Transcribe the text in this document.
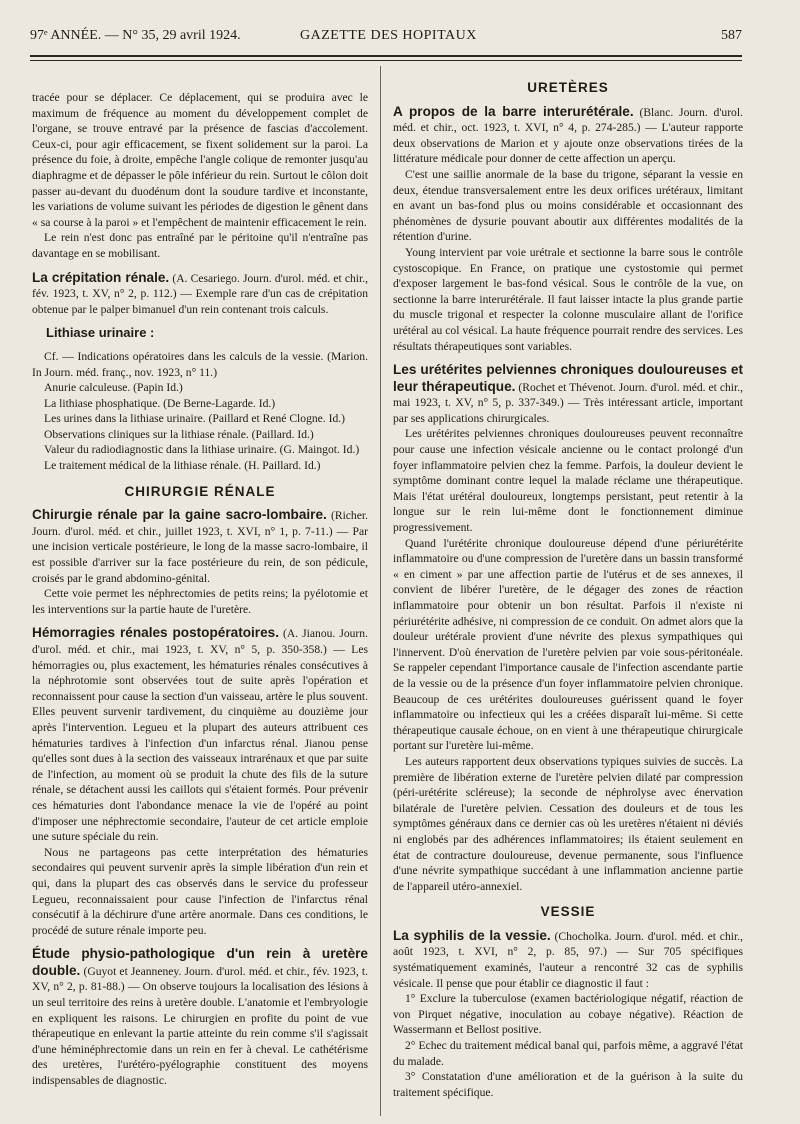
97ᵉ ANNÉE. — N° 35, 29 avril 1924.	GAZETTE DES HOPITAUX	587

tracée pour se déplacer. Ce déplacement, qui se produira avec le maximum de fréquence au moment du développement complet de l'organe, se trouve entravé par la présence de fascias d'accolement. Ceux-ci, pour agir efficacement, se fixent solidement sur la paroi. La présence du foie, à droite, empêche l'angle colique de remonter jusqu'au diaphragme et de dépasser le pôle inférieur du rein. Surtout le côlon doit passer au-devant du duodénum dont la soudure tardive et inconstante, les variations de volume suivant les périodes de digestion le gênent dans « sa course à la paroi » et l'empêchent de maintenir efficacement le rein.

Le rein n'est donc pas entraîné par le péritoine qu'il n'entraîne pas davantage en se mobilisant.

La crépitation rénale. (A. Cesariego. Journ. d'urol. méd. et chir., fév. 1923, t. XV, n° 2, p. 112.) — Exemple rare d'un cas de crépitation obtenue par le palper bimanuel d'un rein contenant trois calculs.
Lithiase urinaire :

Cf. — Indications opératoires dans les calculs de la vessie. (Marion. In Journ. méd. franç., nov. 1923, n° 11.)

Anurie calculeuse. (Papin Id.)

La lithiase phosphatique. (De Berne-Lagarde. Id.)

Les urines dans la lithiase urinaire. (Paillard et René Clogne. Id.)

Observations cliniques sur la lithiase rénale. (Paillard. Id.)

Valeur du radiodiagnostic dans la lithiase urinaire. (G. Maingot. Id.)

Le traitement médical de la lithiase rénale. (H. Paillard. Id.)

CHIRURGIE RÉNALE
Chirurgie rénale par la gaine sacro-lombaire. (Richer. Journ. d'urol. méd. et chir., juillet 1923, t. XVI, n° 1, p. 7-11.) — Par une incision verticale postérieure, le long de la masse sacro-lombaire, il est possible d'arriver sur la face postérieure du rein, de son pédicule, croisés par le grand abdomino-génital.

Cette voie permet les néphrectomies de petits reins; la pyélotomie et les interventions sur la partie haute de l'uretère.

Hémorragies rénales postopératoires. (A. Jianou. Journ. d'urol. méd. et chir., mai 1923, t. XV, n° 5, p. 350-358.) — Les hémorragies ou, plus exactement, les hématuries rénales consécutives à la néphrotomie sont observées tout de suite après l'opération et reconnaissent pour cause la section d'un vaisseau, artère le plus souvent. Elles peuvent survenir tardivement, du cinquième au douzième jour après l'intervention. Legueu et la plupart des auteurs attribuent ces hématuries tardives à l'infection d'un infarctus rénal. Jianou pense qu'elles sont dues à la section des vaisseaux intrarénaux et que par suite de l'infection, au moment où se produit la chute des fils de la suture rénale, se détachent aussi les caillots qui s'étaient formés. Pour prévenir ces hématuries dont l'abondance menace la vie de l'opéré au point d'imposer une néphrectomie secondaire, l'auteur de cet article emploie une suture spéciale du rein.

Nous ne partageons pas cette interprétation des hématuries secondaires qui peuvent survenir après la simple libération d'un rein et qui, dans la plupart des cas observés dans le service du professeur Legueu, reconnaissaient pour cause l'infection de l'infarctus rénal consécutif à la déchirure d'une artère anormale. Dans ces conditions, le procédé de suture rénale importe peu.

Étude physio-pathologique d'un rein à uretère double. (Guyot et Jeanneney. Journ. d'urol. méd. et chir., fév. 1923, t. XV, n° 2, p. 81-88.) — On observe toujours la localisation des lésions à un seul territoire des reins à uretère double. L'anatomie et l'embryologie en expliquent les raisons. Le chirurgien en profite du point de vue thérapeutique en enlevant la partie atteinte du rein comme s'il s'agissait d'une héminéphrectomie dans un rein en fer à cheval. Le cathétérisme des uretères, l'urétéro-pyélographie constituent des moyens indispensables de diagnostic.
URETÈRES
A propos de la barre interurétérale. (Blanc. Journ. d'urol. méd. et chir., oct. 1923, t. XVI, n° 4, p. 274-285.) — L'auteur rapporte deux observations de Marion et y ajoute onze observations tirées de la littérature médicale pour donner de cette affection un aperçu.

C'est une saillie anormale de la base du trigone, séparant la vessie en deux, étendue transversalement entre les deux orifices urétéraux, limitant en avant un bas-fond plus ou moins considérable et occasionnant des phénomènes de dysurie pouvant aboutir aux différentes modalités de la rétention d'urine.

Young intervient par voie urétrale et sectionne la barre sous le contrôle cystoscopique. En France, on pratique une cystostomie qui permet d'exposer largement le bas-fond vésical. Sous le contrôle de la vue, on sectionne la barre interurétérale. Il faut laisser intacte la plus grande partie du muscle trigonal et respecter la colonne musculaire allant de l'orifice urétéral au col vésical. La haute fréquence pourrait rendre des services. Les résultats thérapeutiques sont variables.

Les urétérites pelviennes chroniques douloureuses et leur thérapeutique. (Rochet et Thévenot. Journ. d'urol. méd. et chir., mai 1923, t. XV, n° 5, p. 337-349.) — Très intéressant article, important par ses applications chirurgicales.

Les urétérites pelviennes chroniques douloureuses peuvent reconnaître pour cause une infection vésicale ancienne ou le contact prolongé d'un foyer inflammatoire pelvien chez la femme. Parfois, la douleur devient le symptôme dominant contre lequel la malade réclame une thérapeutique. Mais l'état urétéral douloureux, longtemps persistant, peut retentir à la longue sur le rein lui-même dont le fonctionnement diminue progressivement.

Quand l'urétérite chronique douloureuse dépend d'une périurétérite inflammatoire ou d'une compression de l'uretère dans un bassin transformé « en ciment » par une affection partie de l'utérus et de ses annexes, il convient de libérer l'uretère, de le dégager des zones de réaction inflammatoire pour obtenir un bon résultat. Parfois il n'existe ni périurétérite adhésive, ni compression de ce conduit. On admet alors que la douleur urétérale provient d'une névrite des plexus sympathiques qui l'innervent. D'où énervation de l'uretère pelvien par voie sous-péritonéale. Se rappeler cependant l'importance causale de l'infection ascendante partie de la vessie ou de la présence d'un foyer inflammatoire pelvien chronique. Beaucoup de ces urétérites douloureuses guérissent quand le foyer inflammatoire ou infectieux qui les a créées disparaît lui-même. Si cette thérapeutique causale échoue, on en vient à une thérapeutique chirurgicale portant sur l'uretère lui-même.

Les auteurs rapportent deux observations typiques suivies de succès. La première de libération externe de l'uretère pelvien dilaté par compression (péri-urétérite scléreuse); la seconde de néphrolyse avec énervation bilatérale de l'uretère pelvien. Cessation des douleurs et de tous les symptômes généraux dans ce dernier cas où les uretères n'étaient ni déviés ni englobés par des adhérences inflammatoires; ils étaient seulement en état de contracture douloureuse, devenue permanente, sous l'influence d'une névrite sympathique succédant à une inflammation ancienne partie de l'appareil utéro-annexiel.

VESSIE
La syphilis de la vessie. (Chocholka. Journ. d'urol. méd. et chir., août 1923, t. XVI, n° 2, p. 85, 97.) — Sur 705 spécifiques systématiquement examinés, l'auteur a rencontré 32 cas de syphilis vésicale. Il pense que pour établir ce diagnostic il faut :

1° Exclure la tuberculose (examen bactériologique négatif, réaction de von Pirquet négative, inoculation au cobaye négative). Réaction de Wassermann et Bellost positive.

2° Echec du traitement médical banal qui, parfois même, a aggravé l'état du malade.

3° Constatation d'une amélioration et de la guérison à la suite du traitement spécifique.
